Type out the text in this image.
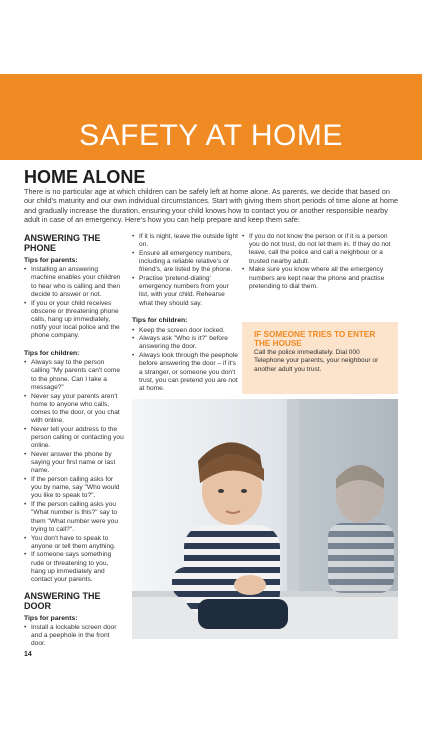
SAFETY AT HOME
HOME ALONE

There is no particular age at which children can be safely left at home alone. As parents, we decide that based on our child's maturity and our own individual circumstances. Start with giving them short periods of time alone at home and gradually increase the duration, ensuring your child knows how to contact you or another responsible nearby adult in case of an emergency. Here's how you can help prepare and keep them safe:

ANSWERING THE PHONE
Tips for parents:
• Installing an answering machine enables your children to hear who is calling and then decide to answer or not.
• If you or your child receives obscene or threatening phone calls, hang up immediately, notify your local police and the phone company.
Tips for children:
• Always say to the person calling "My parents can't come to the phone. Can I take a message?"
• Never say your parents aren't home to anyone who calls, comes to the door, or you chat with online.
• Never tell your address to the person calling or contacting you online.
• Never answer the phone by saying your first name or last name.
• If the person calling asks for you by name, say "Who would you like to speak to?".
• If the person calling asks you "What number is this?" say to them "What number were you trying to call?".
• You don't have to speak to anyone or tell them anything.
• If someone says something rude or threatening to you, hang up immediately and contact your parents.
ANSWERING THE DOOR
Tips for parents:
• Install a lockable screen door and a peephole in the front door.
• If it is night, leave the outside light on.
• Ensure all emergency numbers, including a reliable relative's or friend's, are listed by the phone.
• Practise 'pretend-dialing' emergency numbers from your list, with your child. Rehearse what they should say.
Tips for children:
• Keep the screen door locked.
• Always ask "Who is it?" before answering the door.
• Always look through the peephole before answering the door – if it's a stranger, or someone you don't trust, you can pretend you are not at home.
• If you do not know the person or if it is a person you do not trust, do not let them in. If they do not leave, call the police and call a neighbour or a trusted nearby adult.
• Make sure you know where all the emergency numbers are kept near the phone and practise pretending to dial them.
IF SOMEONE TRIES TO ENTER THE HOUSE
Call the police immediately. Dial 000 Telephone your parents, your neighbour or another adult you trust.
14
